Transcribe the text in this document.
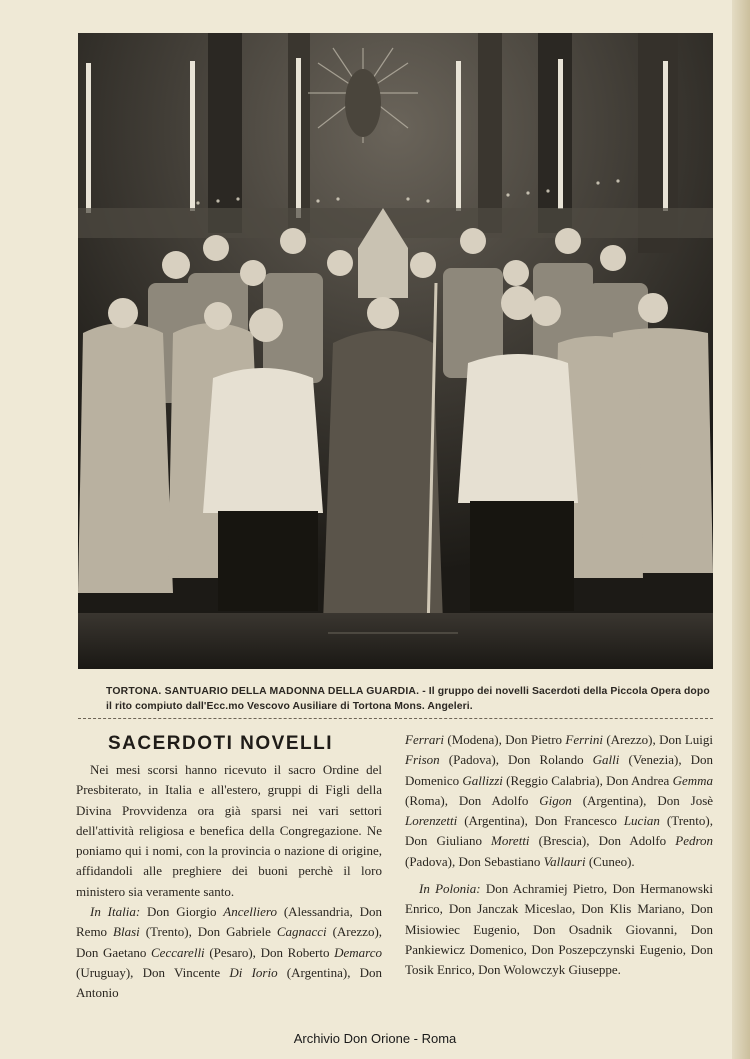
TORTONA. SANTUARIO DELLA MADONNA DELLA GUARDIA. - Il gruppo dei novelli Sacerdoti della Piccola Opera dopo il rito compiuto dall'Ecc.mo Vescovo Ausiliare di Tortona Mons. Angeleri.
SACERDOTI NOVELLI

Nei mesi scorsi hanno ricevuto il sacro Ordine del Presbiterato, in Italia e all'estero, gruppi di Figli della Divina Provvidenza ora già sparsi nei vari settori dell'attività religiosa e benefica della Congregazione. Ne poniamo qui i nomi, con la provincia o nazione di origine, affidandoli alle preghiere dei buoni perchè il loro ministero sia veramente santo.

In Italia: Don Giorgio Ancelliero (Alessandria, Don Remo Blasi (Trento), Don Gabriele Cagnacci (Arezzo), Don Gaetano Ceccarelli (Pesaro), Don Roberto Demarco (Uruguay), Don Vincente Di Iorio (Argentina), Don Antonio

Ferrari (Modena), Don Pietro Ferrini (Arezzo), Don Luigi Frison (Padova), Don Rolando Galli (Venezia), Don Domenico Gallizzi (Reggio Calabria), Don Andrea Gemma (Roma), Don Adolfo Gigon (Argentina), Don Josè Lorenzetti (Argentina), Don Francesco Lucian (Trento), Don Giuliano Moretti (Brescia), Don Adolfo Pedron (Padova), Don Sebastiano Vallauri (Cuneo).

In Polonia: Don Achramiej Pietro, Don Hermanowski Enrico, Don Janczak Miceslao, Don Klis Mariano, Don Misiowiec Eugenio, Don Osadnik Giovanni, Don Pankiewicz Domenico, Don Poszepczynski Eugenio, Don Tosik Enrico, Don Wolowczyk Giuseppe.

Archivio Don Orione - Roma
